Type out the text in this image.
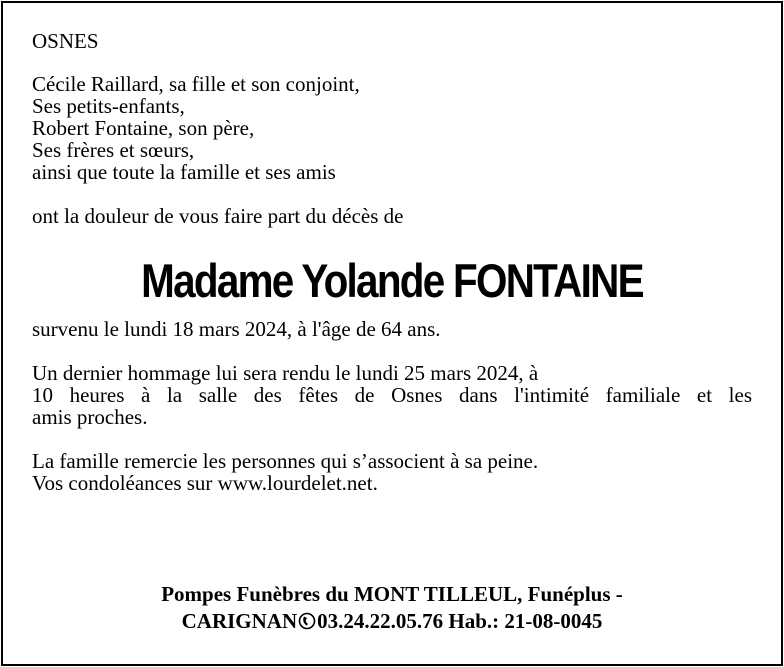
OSNES
Cécile Raillard, sa fille et son conjoint,
Ses petits-enfants,
Robert Fontaine, son père,
Ses frères et sœurs,
ainsi que toute la famille et ses amis
ont la douleur de vous faire part du décès de
Madame Yolande FONTAINE
survenu le lundi 18 mars 2024, à l'âge de 64 ans.
Un dernier hommage lui sera rendu le lundi 25 mars 2024, à
10 heures à la salle des fêtes de Osnes dans l'intimité familiale et les
amis proches.
La famille remercie les personnes qui s’associent à sa peine.
Vos condoléances sur www.lourdelet.net.
Pompes Funèbres du MONT TILLEUL, Funéplus -
CARIGNAN 03.24.22.05.76 Hab.: 21-08-0045
